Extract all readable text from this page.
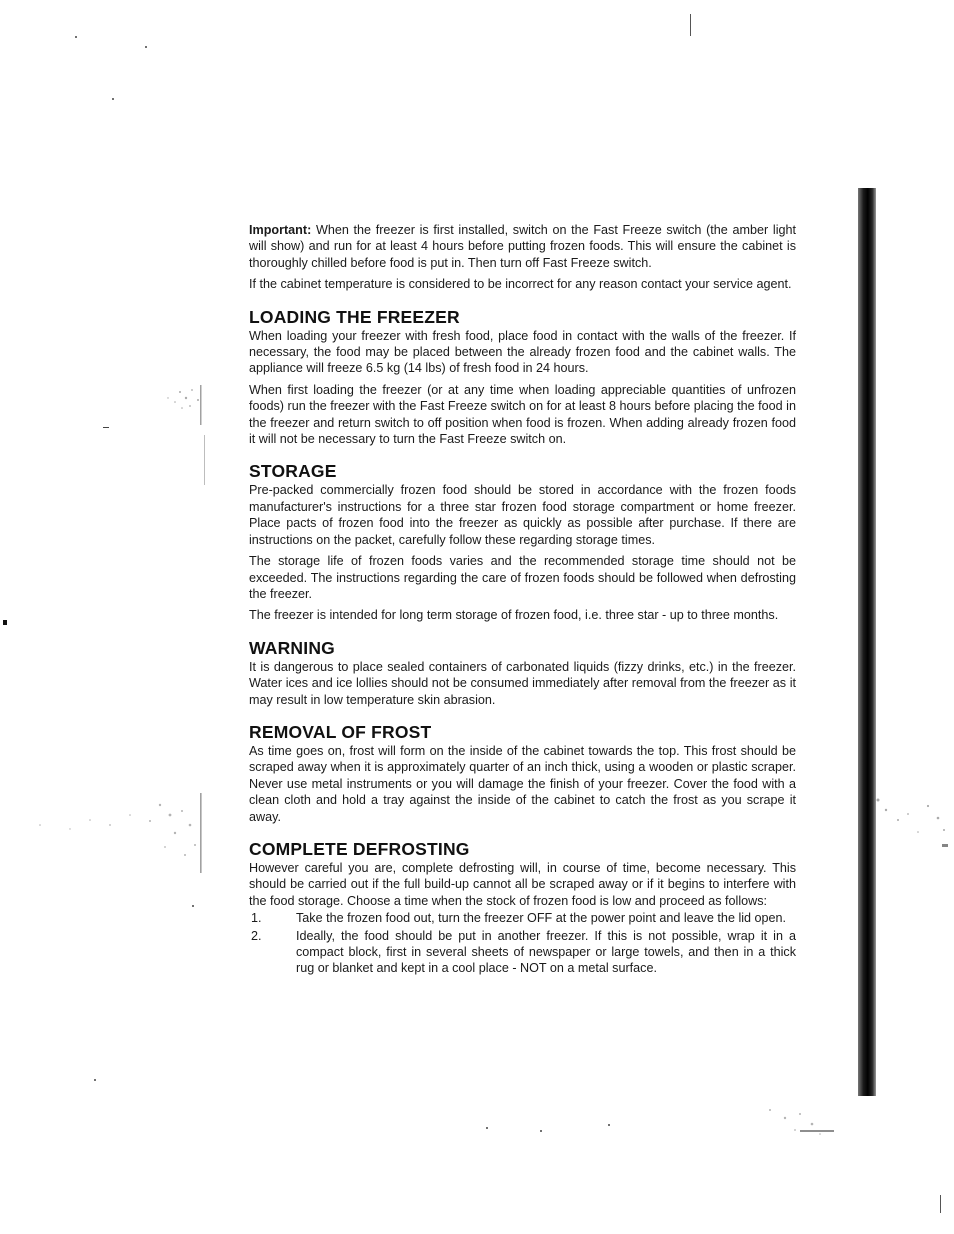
Important: When the freezer is first installed, switch on the Fast Freeze switch (the amber light will show) and run for at least 4 hours before putting frozen foods. This will ensure the cabinet is thoroughly chilled before food is put in. Then turn off Fast Freeze switch.

If the cabinet temperature is considered to be incorrect for any reason contact your service agent.

LOADING THE FREEZER

When loading your freezer with fresh food, place food in contact with the walls of the freezer. If necessary, the food may be placed between the already frozen food and the cabinet walls. The appliance will freeze 6.5 kg (14 lbs) of fresh food in 24 hours.

When first loading the freezer (or at any time when loading appreciable quantities of unfrozen foods) run the freezer with the Fast Freeze switch on for at least 8 hours before placing the food in the freezer and return switch to off position when food is frozen. When adding already frozen food it will not be necessary to turn the Fast Freeze switch on.

STORAGE

Pre-packed commercially frozen food should be stored in accordance with the frozen foods manufacturer's instructions for a three star frozen food storage compartment or home freezer. Place pacts of frozen food into the freezer as quickly as possible after purchase. If there are instructions on the packet, carefully follow these regarding storage times.

The storage life of frozen foods varies and the recommended storage time should not be exceeded. The instructions regarding the care of frozen foods should be followed when defrosting the freezer.

The freezer is intended for long term storage of frozen food, i.e. three star - up to three months.

WARNING

It is dangerous to place sealed containers of carbonated liquids (fizzy drinks, etc.) in the freezer. Water ices and ice lollies should not be consumed immediately after removal from the freezer as it may result in low temperature skin abrasion.

REMOVAL OF FROST

As time goes on, frost will form on the inside of the cabinet towards the top. This frost should be scraped away when it is approximately quarter of an inch thick, using a wooden or plastic scraper. Never use metal instruments or you will damage the finish of your freezer. Cover the food with a clean cloth and hold a tray against the inside of the cabinet to catch the frost as you scrape it away.

COMPLETE DEFROSTING

However careful you are, complete defrosting will, in course of time, become necessary. This should be carried out if the full build-up cannot all be scraped away or if it begins to interfere with the food storage. Choose a time when the stock of frozen food is low and proceed as follows:

1.	Take the frozen food out, turn the freezer OFF at the power point and leave the lid open.
2.	Ideally, the food should be put in another freezer. If this is not possible, wrap it in a compact block, first in several sheets of newspaper or large towels, and then in a thick rug or blanket and kept in a cool place - NOT on a metal surface.
